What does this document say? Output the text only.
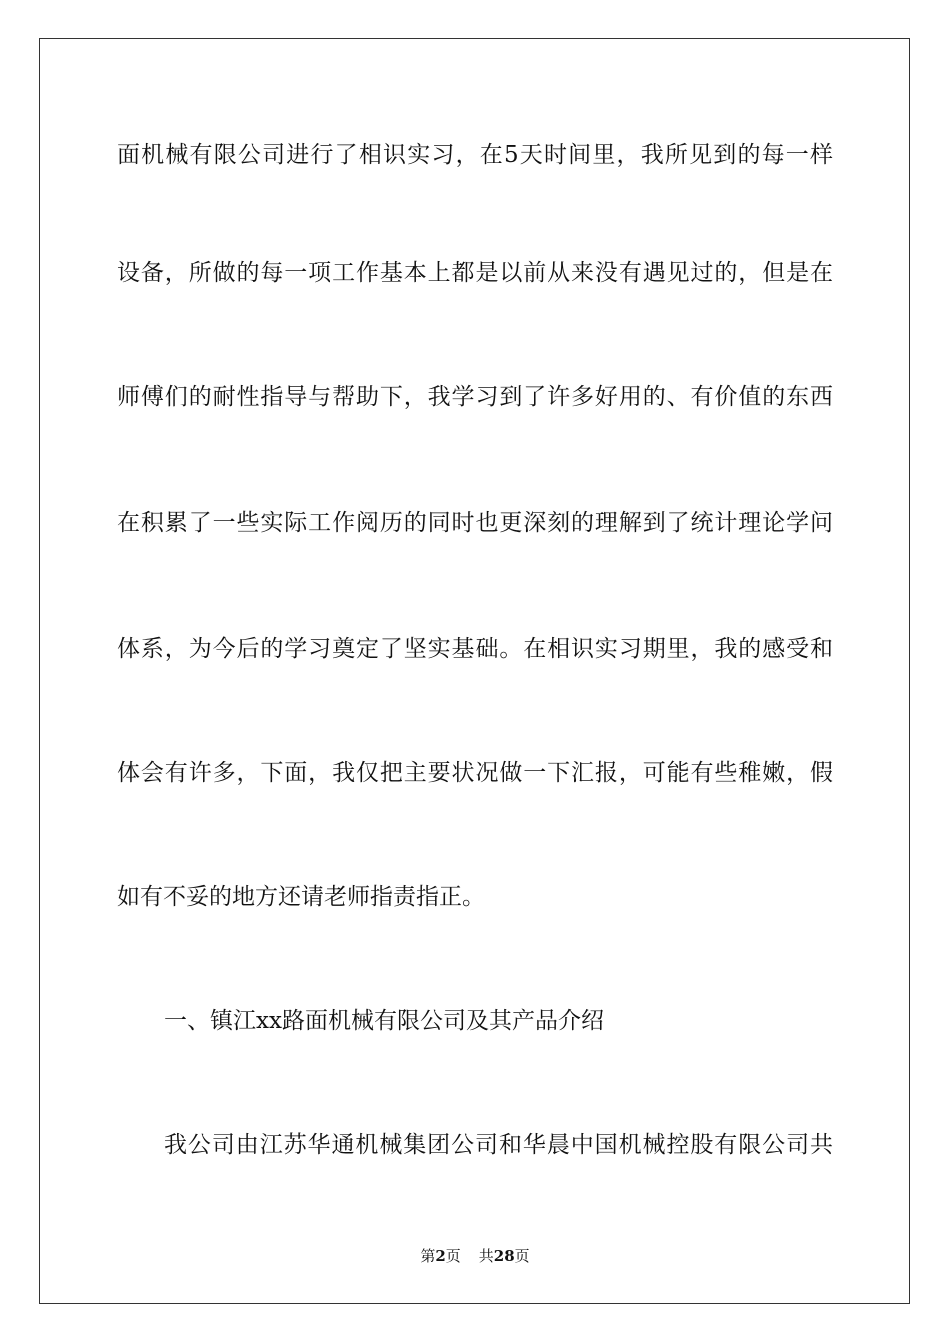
面机械有限公司进行了相识实习，在5天时间里，我所见到的每一样
设备，所做的每一项工作基本上都是以前从来没有遇见过的，但是在
师傅们的耐性指导与帮助下，我学习到了许多好用的、有价值的东西
在积累了一些实际工作阅历的同时也更深刻的理解到了统计理论学问
体系，为今后的学习奠定了坚实基础。在相识实习期里，我的感受和
体会有许多，下面，我仅把主要状况做一下汇报，可能有些稚嫩，假
如有不妥的地方还请老师指责指正。
一、镇江xx路面机械有限公司及其产品介绍
我公司由江苏华通机械集团公司和华晨中国机械控股有限公司共
第2页 共28页
